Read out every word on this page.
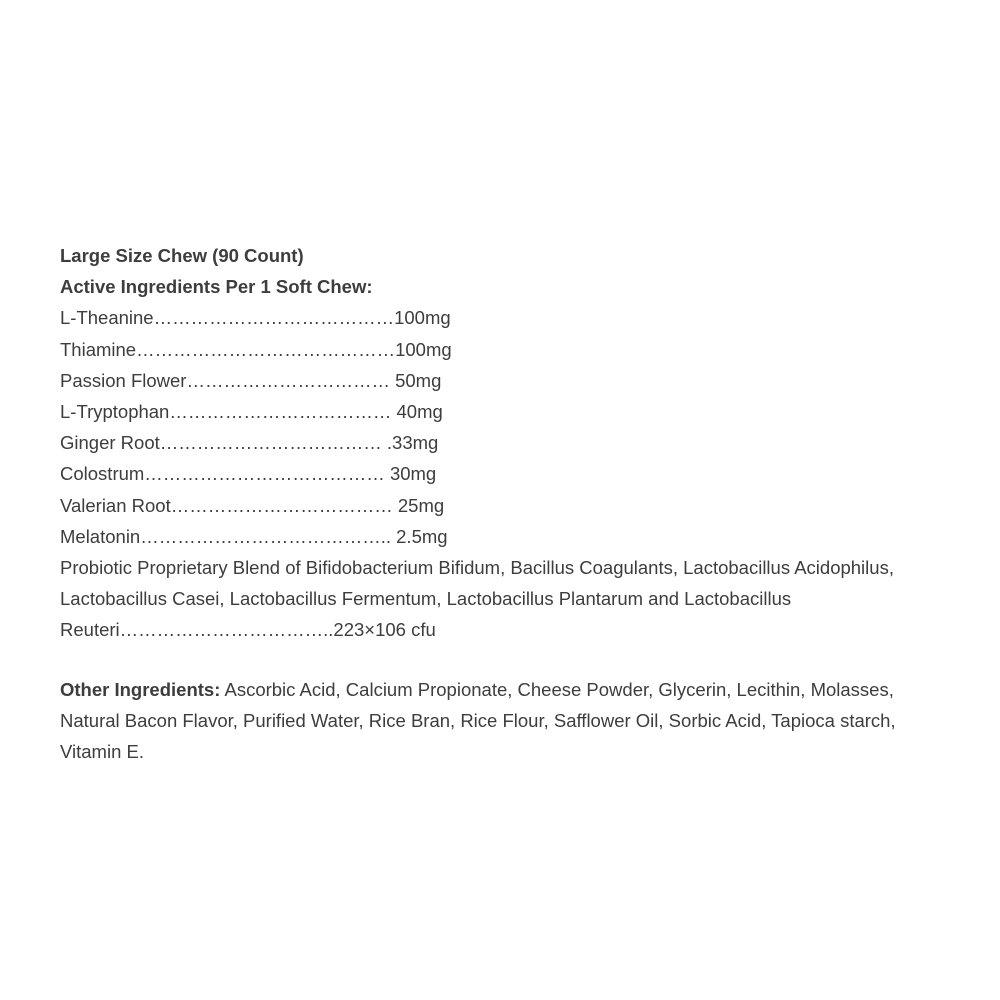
Large Size Chew (90 Count)
Active Ingredients Per 1 Soft Chew:
L-Theanine…………………………………100mg
Thiamine……………………………………100mg
Passion Flower…………………………… 50mg
L-Tryptophan……………………………… 40mg
Ginger Root……………………………… .33mg
Colostrum………………………………… 30mg
Valerian Root……………………………… 25mg
Melatonin………………………………….. 2.5mg
Probiotic Proprietary Blend of Bifidobacterium Bifidum, Bacillus Coagulants, Lactobacillus Acidophilus,
Lactobacillus Casei, Lactobacillus Fermentum, Lactobacillus Plantarum and Lactobacillus
Reuteri……………………………..223×106 cfu
Other Ingredients: Ascorbic Acid, Calcium Propionate, Cheese Powder, Glycerin, Lecithin, Molasses,
Natural Bacon Flavor, Purified Water, Rice Bran, Rice Flour, Safflower Oil, Sorbic Acid, Tapioca starch,
Vitamin E.
